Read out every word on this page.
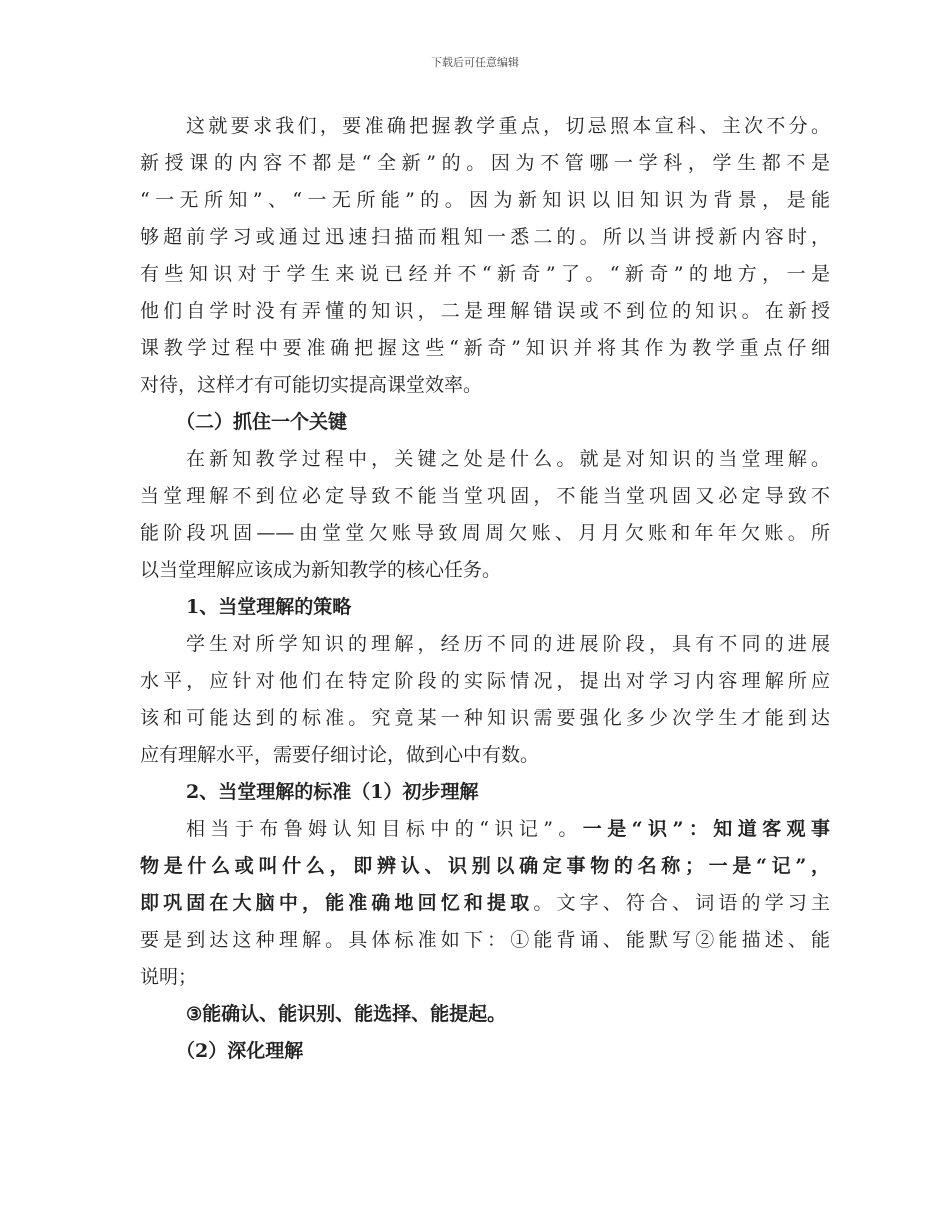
下载后可任意编辑
这就要求我们，要准确把握教学重点，切忌照本宣科、主次不分。
新授课的内容不都是“全新”的。因为不管哪一学科，学生都不是
“一无所知”、“一无所能”的。因为新知识以旧知识为背景，是能
够超前学习或通过迅速扫描而粗知一悉二的。所以当讲授新内容时，
有些知识对于学生来说已经并不“新奇”了。“新奇”的地方，一是
他们自学时没有弄懂的知识，二是理解错误或不到位的知识。在新授
课教学过程中要准确把握这些“新奇”知识并将其作为教学重点仔细
对待，这样才有可能切实提高课堂效率。
（二）抓住一个关键
在新知教学过程中，关键之处是什么。就是对知识的当堂理解。
当堂理解不到位必定导致不能当堂巩固，不能当堂巩固又必定导致不
能阶段巩固——由堂堂欠账导致周周欠账、月月欠账和年年欠账。所
以当堂理解应该成为新知教学的核心任务。
1、当堂理解的策略
学生对所学知识的理解，经历不同的进展阶段，具有不同的进展
水平，应针对他们在特定阶段的实际情况，提出对学习内容理解所应
该和可能达到的标准。究竟某一种知识需要强化多少次学生才能到达
应有理解水平，需要仔细讨论，做到心中有数。
2、当堂理解的标准（1）初步理解
相当于布鲁姆认知目标中的“识记”。一是“识”：知道客观事
物是什么或叫什么，即辨认、识别以确定事物的名称；一是“记”，
即巩固在大脑中，能准确地回忆和提取。文字、符合、词语的学习主
要是到达这种理解。具体标准如下：①能背诵、能默写②能描述、能
说明；
③能确认、能识别、能选择、能提起。
（2）深化理解
